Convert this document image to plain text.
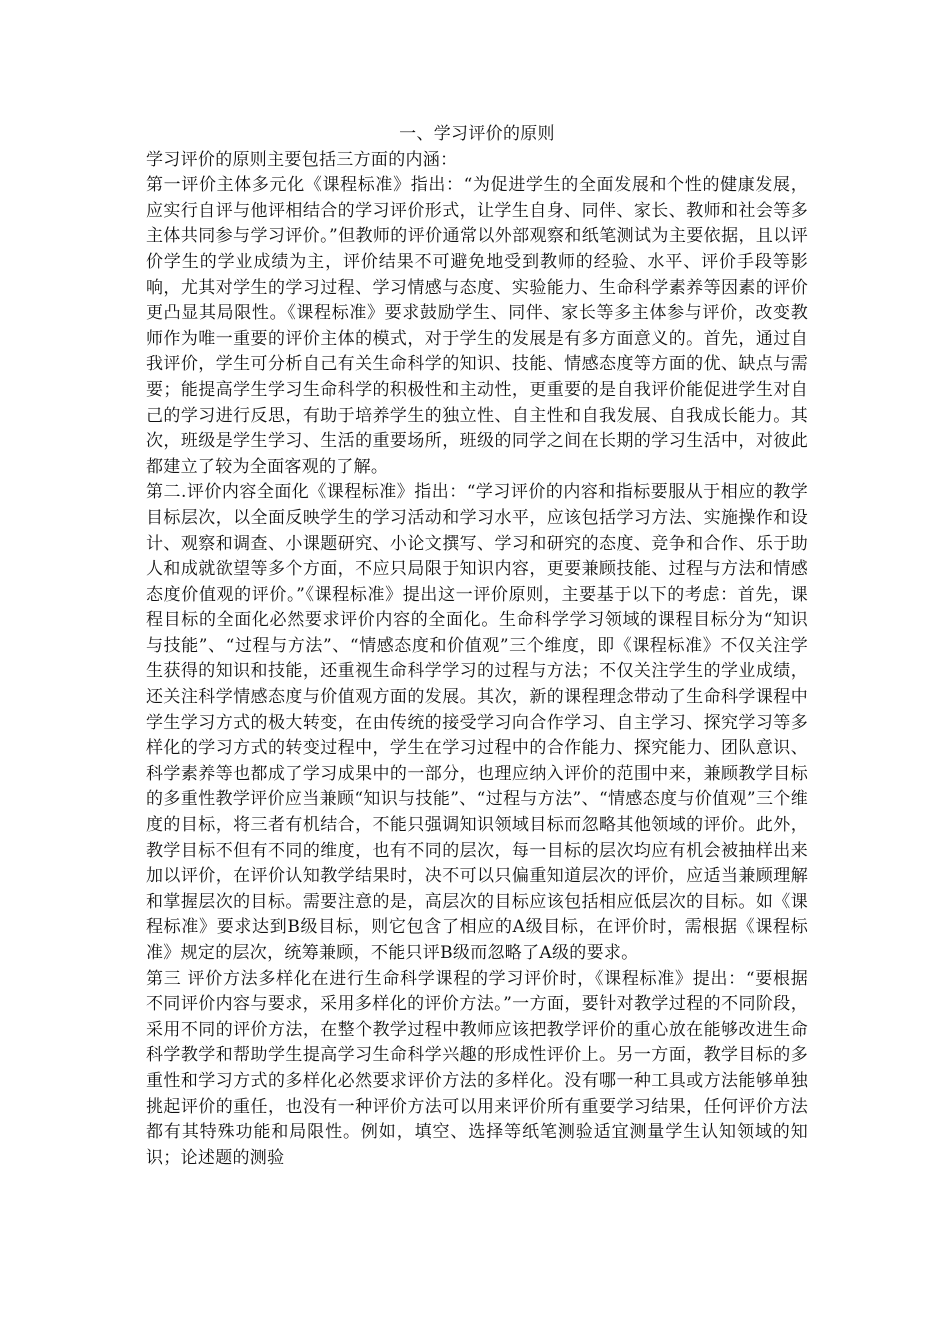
一、学习评价的原则

学习评价的原则主要包括三方面的内涵：

第一评价主体多元化《课程标准》指出：“为促进学生的全面发展和个性的健康发展，应实行自评与他评相结合的学习评价形式，让学生自身、同伴、家长、教师和社会等多主体共同参与学习评价。”但教师的评价通常以外部观察和纸笔测试为主要依据，且以评价学生的学业成绩为主，评价结果不可避免地受到教师的经验、水平、评价手段等影响，尤其对学生的学习过程、学习情感与态度、实验能力、生命科学素养等因素的评价更凸显其局限性。《课程标准》要求鼓励学生、同伴、家长等多主体参与评价，改变教师作为唯一重要的评价主体的模式，对于学生的发展是有多方面意义的。首先，通过自我评价，学生可分析自己有关生命科学的知识、技能、情感态度等方面的优、缺点与需要；能提高学生学习生命科学的积极性和主动性，更重要的是自我评价能促进学生对自己的学习进行反思，有助于培养学生的独立性、自主性和自我发展、自我成长能力。其次，班级是学生学习、生活的重要场所，班级的同学之间在长期的学习生活中，对彼此都建立了较为全面客观的了解。

第二.评价内容全面化《课程标准》指出：“学习评价的内容和指标要服从于相应的教学目标层次，以全面反映学生的学习活动和学习水平，应该包括学习方法、实施操作和设计、观察和调查、小课题研究、小论文撰写、学习和研究的态度、竞争和合作、乐于助人和成就欲望等多个方面，不应只局限于知识内容，更要兼顾技能、过程与方法和情感态度价值观的评价。”《课程标准》提出这一评价原则，主要基于以下的考虑：首先，课程目标的全面化必然要求评价内容的全面化。生命科学学习领域的课程目标分为“知识与技能”、“过程与方法”、“情感态度和价值观”三个维度，即《课程标准》不仅关注学生获得的知识和技能，还重视生命科学学习的过程与方法；不仅关注学生的学业成绩，还关注科学情感态度与价值观方面的发展。其次，新的课程理念带动了生命科学课程中学生学习方式的极大转变，在由传统的接受学习向合作学习、自主学习、探究学习等多样化的学习方式的转变过程中，学生在学习过程中的合作能力、探究能力、团队意识、科学素养等也都成了学习成果中的一部分，也理应纳入评价的范围中来，兼顾教学目标的多重性教学评价应当兼顾“知识与技能”、“过程与方法”、“情感态度与价值观”三个维度的目标，将三者有机结合，不能只强调知识领域目标而忽略其他领域的评价。此外，教学目标不但有不同的维度，也有不同的层次，每一目标的层次均应有机会被抽样出来加以评价，在评价认知教学结果时，决不可以只偏重知道层次的评价，应适当兼顾理解和掌握层次的目标。需要注意的是，高层次的目标应该包括相应低层次的目标。如《课程标准》要求达到B级目标，则它包含了相应的A级目标，在评价时，需根据《课程标准》规定的层次，统筹兼顾，不能只评B级而忽略了A级的要求。

第三 评价方法多样化在进行生命科学课程的学习评价时，《课程标准》提出：“要根据不同评价内容与要求，采用多样化的评价方法。”一方面，要针对教学过程的不同阶段，采用不同的评价方法，在整个教学过程中教师应该把教学评价的重心放在能够改进生命科学教学和帮助学生提高学习生命科学兴趣的形成性评价上。另一方面，教学目标的多重性和学习方式的多样化必然要求评价方法的多样化。没有哪一种工具或方法能够单独挑起评价的重任，也没有一种评价方法可以用来评价所有重要学习结果，任何评价方法都有其特殊功能和局限性。例如，填空、选择等纸笔测验适宜测量学生认知领域的知识；论述题的测验
